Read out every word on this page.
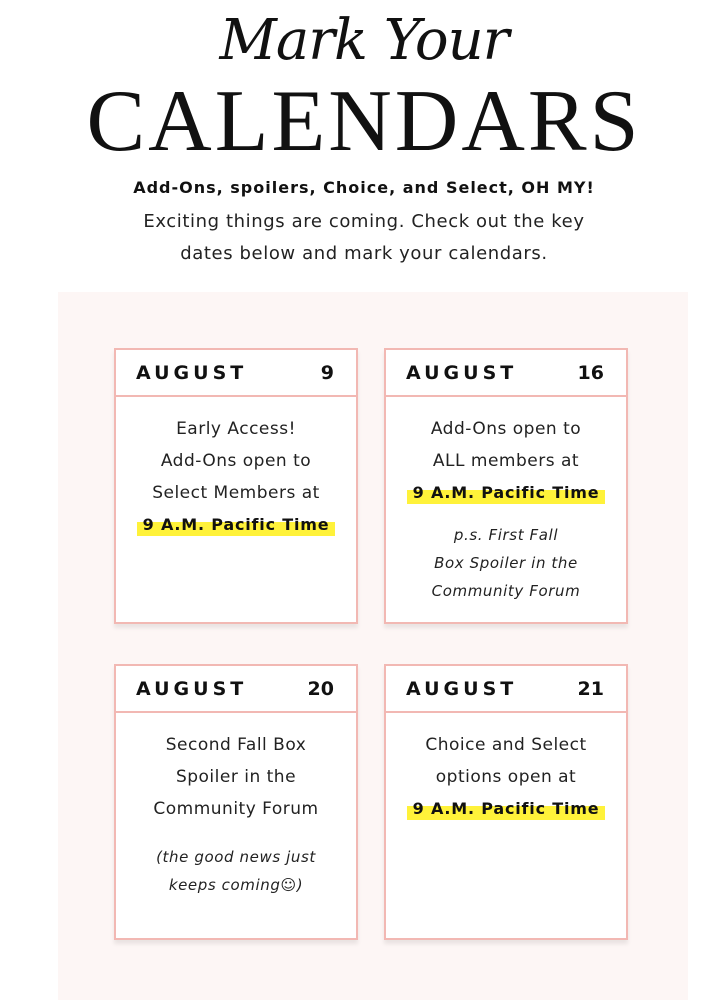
Mark Your
CALENDARS
Add-Ons, spoilers, Choice, and Select, OH MY!
Exciting things are coming. Check out the key
dates below and mark your calendars.
AUGUST	9
Early Access!
Add-Ons open to
Select Members at
9 A.M. Pacific Time
AUGUST	16
Add-Ons open to
ALL members at
9 A.M. Pacific Time
p.s. First Fall
Box Spoiler in the
Community Forum
AUGUST	20
Second Fall Box
Spoiler in the
Community Forum
(the good news just
keeps coming☺)
AUGUST	21
Choice and Select
options open at
9 A.M. Pacific Time
